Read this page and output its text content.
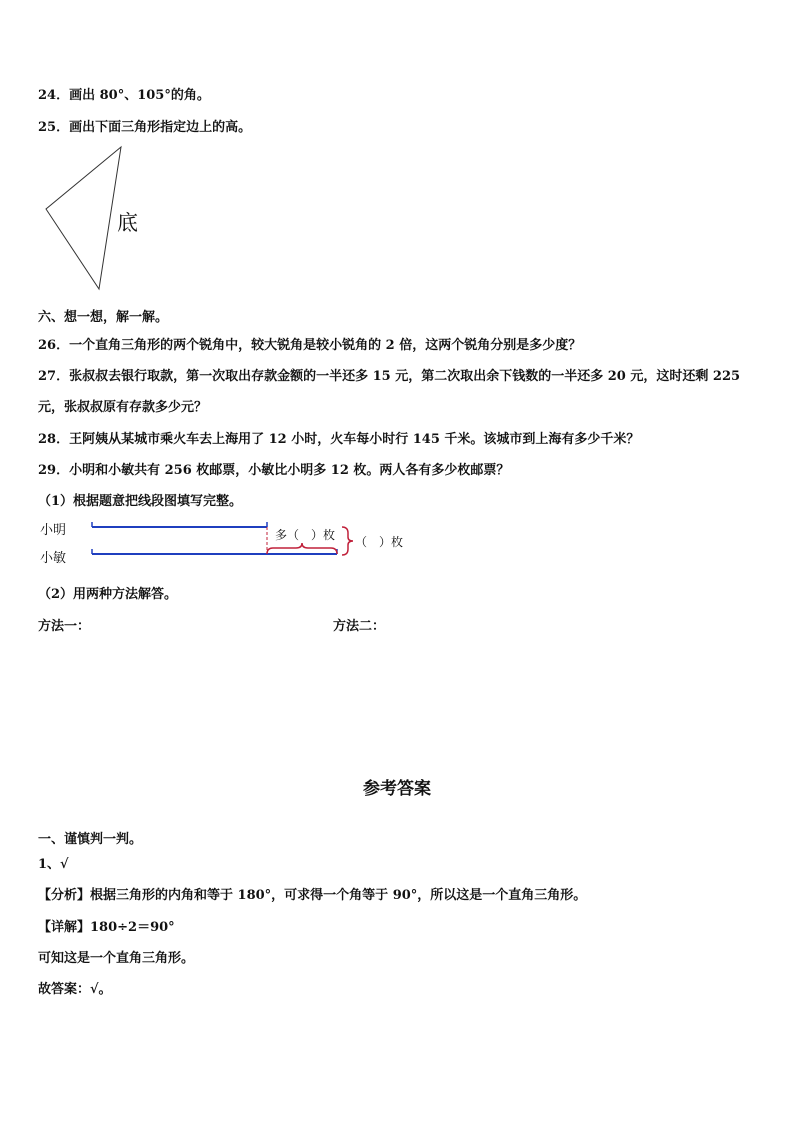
24．画出 80°、105°的角。
25．画出下面三角形指定边上的高。
底
六、想一想，解一解。
26．一个直角三角形的两个锐角中，较大锐角是较小锐角的 2 倍，这两个锐角分别是多少度？
27．张叔叔去银行取款，第一次取出存款金额的一半还多 15 元，第二次取出余下钱数的一半还多 20 元，这时还剩 225
元，张叔叔原有存款多少元？
28．王阿姨从某城市乘火车去上海用了 12 小时，火车每小时行 145 千米。该城市到上海有多少千米？
29．小明和小敏共有 256 枚邮票，小敏比小明多 12 枚。两人各有多少枚邮票？
（1）根据题意把线段图填写完整。
小明
小敏
多（　）枚 （　）枚
（2）用两种方法解答。
方法一：	方法二：
参考答案
一、谨慎判一判。
1、√
【分析】根据三角形的内角和等于 180°，可求得一个角等于 90°，所以这是一个直角三角形。
【详解】180÷2＝90°
可知这是一个直角三角形。
故答案：√。
